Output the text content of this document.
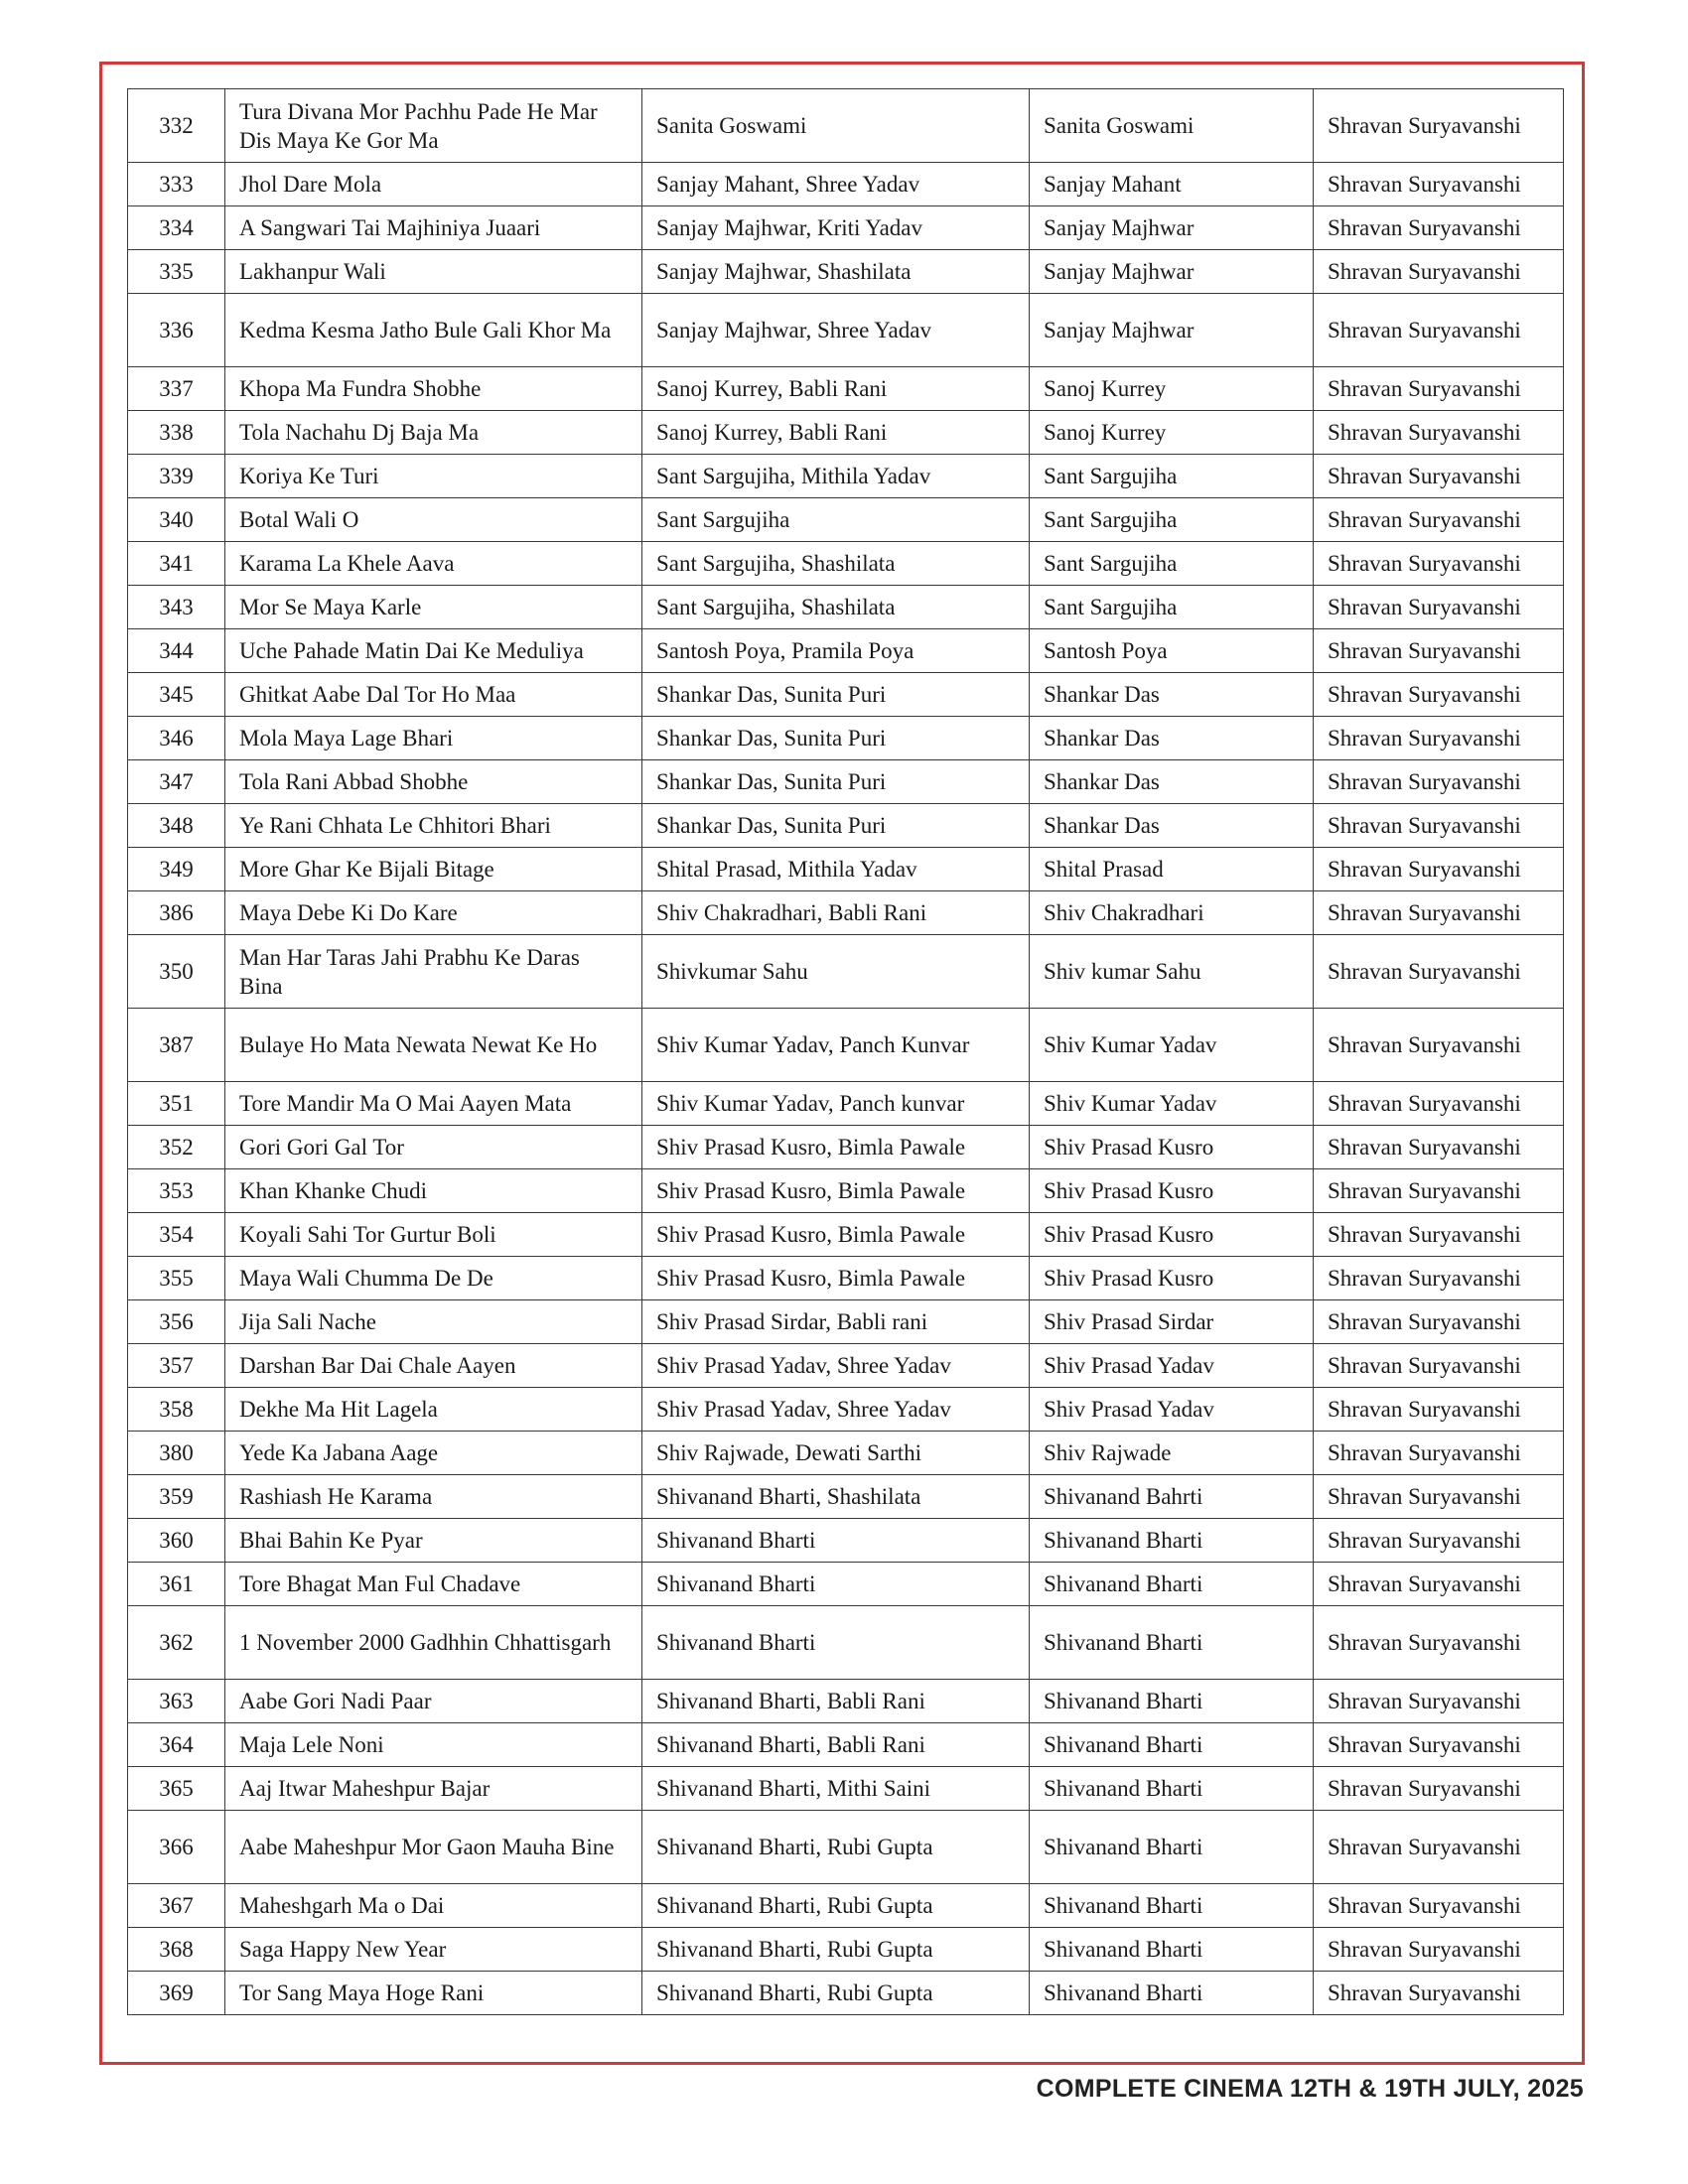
332	Tura Divana Mor Pachhu Pade He Mar Dis Maya Ke Gor Ma	Sanita Goswami	Sanita Goswami	Shravan Suryavanshi
333	Jhol Dare Mola	Sanjay Mahant, Shree Yadav	Sanjay Mahant	Shravan Suryavanshi
334	A Sangwari Tai Majhiniya Juaari	Sanjay Majhwar, Kriti Yadav	Sanjay Majhwar	Shravan Suryavanshi
335	Lakhanpur Wali	Sanjay Majhwar, Shashilata	Sanjay Majhwar	Shravan Suryavanshi
336	Kedma Kesma Jatho Bule Gali Khor Ma	Sanjay Majhwar, Shree Yadav	Sanjay Majhwar	Shravan Suryavanshi
337	Khopa Ma Fundra Shobhe	Sanoj Kurrey, Babli Rani	Sanoj Kurrey	Shravan Suryavanshi
338	Tola Nachahu Dj Baja Ma	Sanoj Kurrey, Babli Rani	Sanoj Kurrey	Shravan Suryavanshi
339	Koriya Ke Turi	Sant Sargujiha, Mithila Yadav	Sant Sargujiha	Shravan Suryavanshi
340	Botal Wali O	Sant Sargujiha	Sant Sargujiha	Shravan Suryavanshi
341	Karama La Khele Aava	Sant Sargujiha, Shashilata	Sant Sargujiha	Shravan Suryavanshi
343	Mor Se Maya Karle	Sant Sargujiha, Shashilata	Sant Sargujiha	Shravan Suryavanshi
344	Uche Pahade Matin Dai Ke Meduliya	Santosh Poya, Pramila Poya	Santosh Poya	Shravan Suryavanshi
345	Ghitkat Aabe Dal Tor Ho Maa	Shankar Das, Sunita Puri	Shankar Das	Shravan Suryavanshi
346	Mola Maya Lage Bhari	Shankar Das, Sunita Puri	Shankar Das	Shravan Suryavanshi
347	Tola Rani Abbad Shobhe	Shankar Das, Sunita Puri	Shankar Das	Shravan Suryavanshi
348	Ye Rani Chhata Le Chhitori Bhari	Shankar Das, Sunita Puri	Shankar Das	Shravan Suryavanshi
349	More Ghar Ke Bijali Bitage	Shital Prasad, Mithila Yadav	Shital Prasad	Shravan Suryavanshi
386	Maya Debe Ki Do Kare	Shiv Chakradhari, Babli Rani	Shiv Chakradhari	Shravan Suryavanshi
350	Man Har Taras Jahi Prabhu Ke Daras Bina	Shivkumar Sahu	Shiv kumar Sahu	Shravan Suryavanshi
387	Bulaye Ho Mata Newata Newat Ke Ho	Shiv Kumar Yadav, Panch Kunvar	Shiv Kumar Yadav	Shravan Suryavanshi
351	Tore Mandir Ma O Mai Aayen Mata	Shiv Kumar Yadav, Panch kunvar	Shiv Kumar Yadav	Shravan Suryavanshi
352	Gori Gori Gal Tor	Shiv Prasad Kusro, Bimla Pawale	Shiv Prasad Kusro	Shravan Suryavanshi
353	Khan Khanke Chudi	Shiv Prasad Kusro, Bimla Pawale	Shiv Prasad Kusro	Shravan Suryavanshi
354	Koyali Sahi Tor Gurtur Boli	Shiv Prasad Kusro, Bimla Pawale	Shiv Prasad Kusro	Shravan Suryavanshi
355	Maya Wali Chumma De De	Shiv Prasad Kusro, Bimla Pawale	Shiv Prasad Kusro	Shravan Suryavanshi
356	Jija Sali Nache	Shiv Prasad Sirdar, Babli rani	Shiv Prasad Sirdar	Shravan Suryavanshi
357	Darshan Bar Dai Chale Aayen	Shiv Prasad Yadav, Shree Yadav	Shiv Prasad Yadav	Shravan Suryavanshi
358	Dekhe Ma Hit Lagela	Shiv Prasad Yadav, Shree Yadav	Shiv Prasad Yadav	Shravan Suryavanshi
380	Yede Ka Jabana Aage	Shiv Rajwade, Dewati Sarthi	Shiv Rajwade	Shravan Suryavanshi
359	Rashiash He Karama	Shivanand Bharti, Shashilata	Shivanand Bahrti	Shravan Suryavanshi
360	Bhai Bahin Ke Pyar	Shivanand Bharti	Shivanand Bharti	Shravan Suryavanshi
361	Tore Bhagat Man Ful Chadave	Shivanand Bharti	Shivanand Bharti	Shravan Suryavanshi
362	1 November 2000 Gadhhin Chhattisgarh	Shivanand Bharti	Shivanand Bharti	Shravan Suryavanshi
363	Aabe Gori Nadi Paar	Shivanand Bharti, Babli Rani	Shivanand Bharti	Shravan Suryavanshi
364	Maja Lele Noni	Shivanand Bharti, Babli Rani	Shivanand Bharti	Shravan Suryavanshi
365	Aaj Itwar Maheshpur Bajar	Shivanand Bharti, Mithi Saini	Shivanand Bharti	Shravan Suryavanshi
366	Aabe Maheshpur Mor Gaon Mauha Bine	Shivanand Bharti, Rubi Gupta	Shivanand Bharti	Shravan Suryavanshi
367	Maheshgarh Ma o Dai	Shivanand Bharti, Rubi Gupta	Shivanand Bharti	Shravan Suryavanshi
368	Saga Happy New Year	Shivanand Bharti, Rubi Gupta	Shivanand Bharti	Shravan Suryavanshi
369	Tor Sang Maya Hoge Rani	Shivanand Bharti, Rubi Gupta	Shivanand Bharti	Shravan Suryavanshi
COMPLETE CINEMA 12TH & 19TH JULY, 2025
